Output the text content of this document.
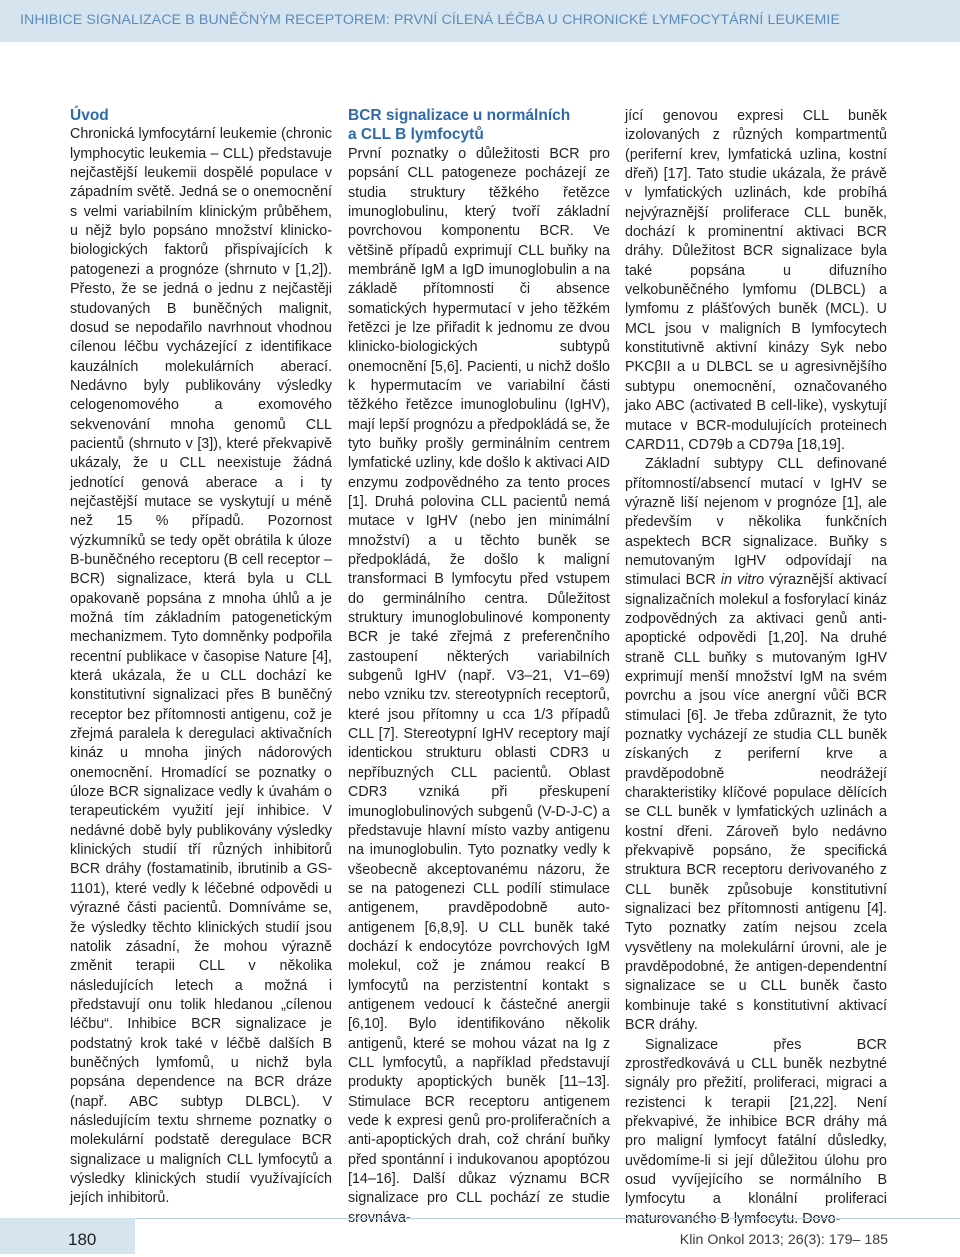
INHIBICE SIGNALIZACE B BUNĚČNÝM RECEPTOREM: PRVNÍ CÍLENÁ LÉČBA U CHRONICKÉ LYMFOCYTÁRNÍ LEUKEMIE
Úvod

Chronická lymfocytární leukemie (chronic lymphocytic leukemia – CLL) představuje nejčastější leukemii dospělé populace v západním světě. Jedná se o onemocnění s velmi variabilním klinickým průběhem, u nějž bylo popsáno množství klinicko-biologických faktorů přispívajících k patogenezi a prognóze (shrnuto v [1,2]). Přesto, že se jedná o jednu z nejčastěji studovaných B buněčných malignit, dosud se nepodařilo navrhnout vhodnou cílenou léčbu vycházející z identifikace kauzálních molekulárních aberací. Nedávno byly publikovány výsledky celogenomového a exomového sekvenování mnoha genomů CLL pacientů (shrnuto v [3]), které překvapivě ukázaly, že u CLL neexistuje žádná jednotící genová aberace a i ty nejčastější mutace se vyskytují u méně než 15 % případů. Pozornost výzkumníků se tedy opět obrátila k úloze B-buněčného receptoru (B cell receptor – BCR) signalizace, která byla u CLL opakovaně popsána z mnoha úhlů a je možná tím základním patogenetickým mechanizmem. Tyto domněnky podpořila recentní publikace v časopise Nature [4], která ukázala, že u CLL dochází ke konstitutivní signalizaci přes B buněčný receptor bez přítomnosti antigenu, což je zřejmá paralela k deregulaci aktivačních kináz u mnoha jiných nádorových onemocnění. Hromadící se poznatky o úloze BCR signalizace vedly k úvahám o terapeutickém využití její inhibice. V nedávné době byly publikovány výsledky klinických studií tří různých inhibitorů BCR dráhy (fostamatinib, ibrutinib a GS-1101), které vedly k léčebné odpovědi u výrazné části pacientů. Domníváme se, že výsledky těchto klinických studií jsou natolik zásadní, že mohou výrazně změnit terapii CLL v několika následujících letech a možná i představují onu tolik hledanou „cílenou léčbu“. Inhibice BCR signalizace je podstatný krok také v léčbě dalších B buněčných lymfomů, u nichž byla popsána dependence na BCR dráze (např. ABC subtyp DLBCL). V následujícím textu shrneme poznatky o molekulární podstatě deregulace BCR signalizace u maligních CLL lymfocytů a výsledky klinických studií využívajících jejích inhibitorů.

BCR signalizace u normálních
a CLL B lymfocytů

První poznatky o důležitosti BCR pro popsání CLL patogeneze pocházejí ze studia struktury těžkého řetězce imunoglobulinu, který tvoří základní povrchovou komponentu BCR. Ve většině případů exprimují CLL buňky na membráně IgM a IgD imunoglobulin a na základě přítomnosti či absence somatických hypermutací v jeho těžkém řetězci je lze přiřadit k jednomu ze dvou klinicko-biologických subtypů onemocnění [5,6]. Pacienti, u nichž došlo k hypermutacím ve variabilní části těžkého řetězce imunoglobulinu (IgHV), mají lepší prognózu a předpokládá se, že tyto buňky prošly germinálním centrem lymfatické uzliny, kde došlo k aktivaci AID enzymu zodpovědného za tento proces [1]. Druhá polovina CLL pacientů nemá mutace v IgHV (nebo jen minimální množství) a u těchto buněk se předpokládá, že došlo k maligní transformaci B lymfocytu před vstupem do germinálního centra. Důležitost struktury imunoglobulinové komponenty BCR je také zřejmá z preferenčního zastoupení některých variabilních subgenů IgHV (např. V3–21, V1–69) nebo vzniku tzv. stereotypních receptorů, které jsou přítomny u cca 1/3 případů CLL [7]. Stereotypní IgHV receptory mají identickou strukturu oblasti CDR3 u nepříbuzných CLL pacientů. Oblast CDR3 vzniká při přeskupení imunoglobulinových subgenů (V-D-J-C) a představuje hlavní místo vazby antigenu na imunoglobulin. Tyto poznatky vedly k všeobecně akceptovanému názoru, že se na patogenezi CLL podílí stimulace antigenem, pravděpodobně auto-antigenem [6,8,9]. U CLL buněk také dochází k endocytóze povrchových IgM molekul, což je známou reakcí B lymfocytů na perzistentní kontakt s antigenem vedoucí k částečné anergii [6,10]. Bylo identifikováno několik antigenů, které se mohou vázat na Ig z CLL lymfocytů, a například představují produkty apoptických buněk [11–13]. Stimulace BCR receptoru antigenem vede k expresi genů pro-proliferačních a anti-apoptických drah, což chrání buňky před spontánní i indukovanou apoptózou [14–16]. Další důkaz významu BCR signalizace pro CLL pochází ze studie srovnáva-

jící genovou expresi CLL buněk izolovaných z různých kompartmentů (periferní krev, lymfatická uzlina, kostní dřeň) [17]. Tato studie ukázala, že právě v lymfatických uzlinách, kde probíhá nejvýraznější proliferace CLL buněk, dochází k prominentní aktivaci BCR dráhy. Důležitost BCR signalizace byla také popsána u difuzního velkobuněčného lymfomu (DLBCL) a lymfomu z plášťových buněk (MCL). U MCL jsou v maligních B lymfocytech konstitutivně aktivní kinázy Syk nebo PKCβII a u DLBCL se u agresivnějšího subtypu onemocnění, označovaného jako ABC (activated B cell-like), vyskytují mutace v BCR-modulujících proteinech CARD11, CD79b a CD79a [18,19].

Základní subtypy CLL definované přítomností/absencí mutací v IgHV se výrazně liší nejenom v prognóze [1], ale především v několika funkčních aspektech BCR signalizace. Buňky s nemutovaným IgHV odpovídají na stimulaci BCR in vitro výraznější aktivací signalizačních molekul a fosforylací kináz zodpovědných za aktivaci genů anti-apoptické odpovědi [1,20]. Na druhé straně CLL buňky s mutovaným IgHV exprimují menší množství IgM na svém povrchu a jsou více anergní vůči BCR stimulaci [6]. Je třeba zdůraznit, že tyto poznatky vycházejí ze studia CLL buněk získaných z periferní krve a pravděpodobně neodrážejí charakteristiky klíčové populace dělících se CLL buněk v lymfatických uzlinách a kostní dřeni. Zároveň bylo nedávno překvapivě popsáno, že specifická struktura BCR receptoru derivovaného z CLL buněk způsobuje konstitutivní signalizaci bez přítomnosti antigenu [4]. Tyto poznatky zatím nejsou zcela vysvětleny na molekulární úrovni, ale je pravděpodobné, že antigen-dependentní signalizace se u CLL buněk často kombinuje také s konstitutivní aktivací BCR dráhy.

Signalizace přes BCR zprostředkovává u CLL buněk nezbytné signály pro přežití, proliferaci, migraci a rezistenci k terapii [21,22]. Není překvapivé, že inhibice BCR dráhy má pro maligní lymfocyt fatální důsledky, uvědomíme-li si její důležitou úlohu pro osud vyvíjejícího se normálního B lymfocytu a klonální proliferaci maturovaného B lymfocytu. Dovo-

180	Klin Onkol 2013; 26(3): 179– 185
